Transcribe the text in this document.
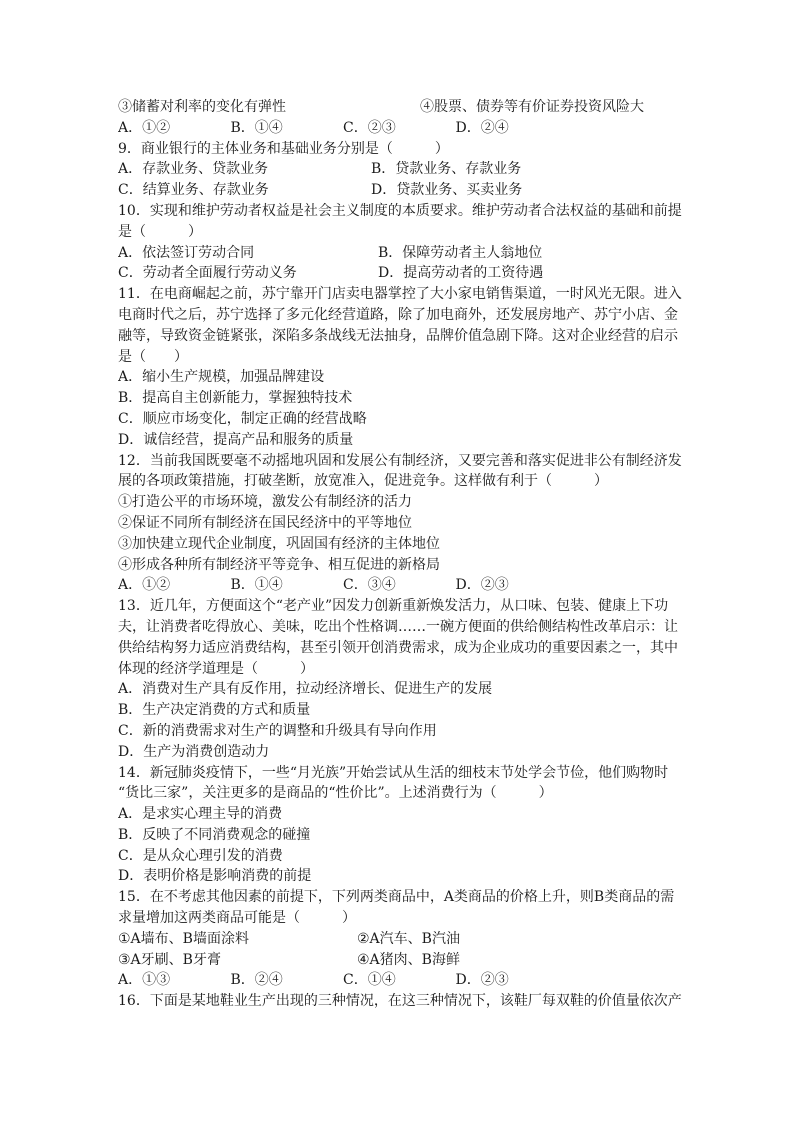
③储蓄对利率的变化有弹性	④股票、债券等有价证券投资风险大
A．①②	B．①④	C．②③	D．②④
9．商业银行的主体业务和基础业务分别是（　　　）
A．存款业务、贷款业务	B．贷款业务、存款业务
C．结算业务、存款业务	D．贷款业务、买卖业务
10．实现和维护劳动者权益是社会主义制度的本质要求。维护劳动者合法权益的基础和前提
是（　　　）
A．依法签订劳动合同	B．保障劳动者主人翁地位
C．劳动者全面履行劳动义务	D．提高劳动者的工资待遇
11．在电商崛起之前，苏宁靠开门店卖电器掌控了大小家电销售渠道，一时风光无限。进入
电商时代之后，苏宁选择了多元化经营道路，除了加电商外，还发展房地产、苏宁小店、金
融等，导致资金链紧张，深陷多条战线无法抽身，品牌价值急剧下降。这对企业经营的启示
是（　　）
A．缩小生产规模，加强品牌建设
B．提高自主创新能力，掌握独特技术
C．顺应市场变化，制定正确的经营战略
D．诚信经营，提高产品和服务的质量
12．当前我国既要毫不动摇地巩固和发展公有制经济，又要完善和落实促进非公有制经济发
展的各项政策措施，打破垄断，放宽准入，促进竞争。这样做有利于（　　　）
①打造公平的市场环境，激发公有制经济的活力
②保证不同所有制经济在国民经济中的平等地位
③加快建立现代企业制度，巩固国有经济的主体地位
④形成各种所有制经济平等竞争、相互促进的新格局
A．①②	B．①④	C．③④	D．②③
13．近几年，方便面这个“老产业”因发力创新重新焕发活力，从口味、包装、健康上下功
夫，让消费者吃得放心、美味，吃出个性格调……一碗方便面的供给侧结构性改革启示：让
供给结构努力适应消费结构，甚至引领开创消费需求，成为企业成功的重要因素之一，其中
体现的经济学道理是（　　　）
A．消费对生产具有反作用，拉动经济增长、促进生产的发展
B．生产决定消费的方式和质量
C．新的消费需求对生产的调整和升级具有导向作用
D．生产为消费创造动力
14．新冠肺炎疫情下，一些“月光族”开始尝试从生活的细枝末节处学会节俭，他们购物时
“货比三家”，关注更多的是商品的“性价比”。上述消费行为（　　　）
A．是求实心理主导的消费
B．反映了不同消费观念的碰撞
C．是从众心理引发的消费
D．表明价格是影响消费的前提
15．在不考虑其他因素的前提下，下列两类商品中，A类商品的价格上升，则B类商品的需
求量增加这两类商品可能是（　　　）
①A墙布、B墙面涂料	②A汽车、B汽油
③A牙刷、B牙膏	④A猪肉、B海鲜
A．①③	B．②④	C．①④	D．②③
16．下面是某地鞋业生产出现的三种情况，在这三种情况下，该鞋厂每双鞋的价值量依次产
